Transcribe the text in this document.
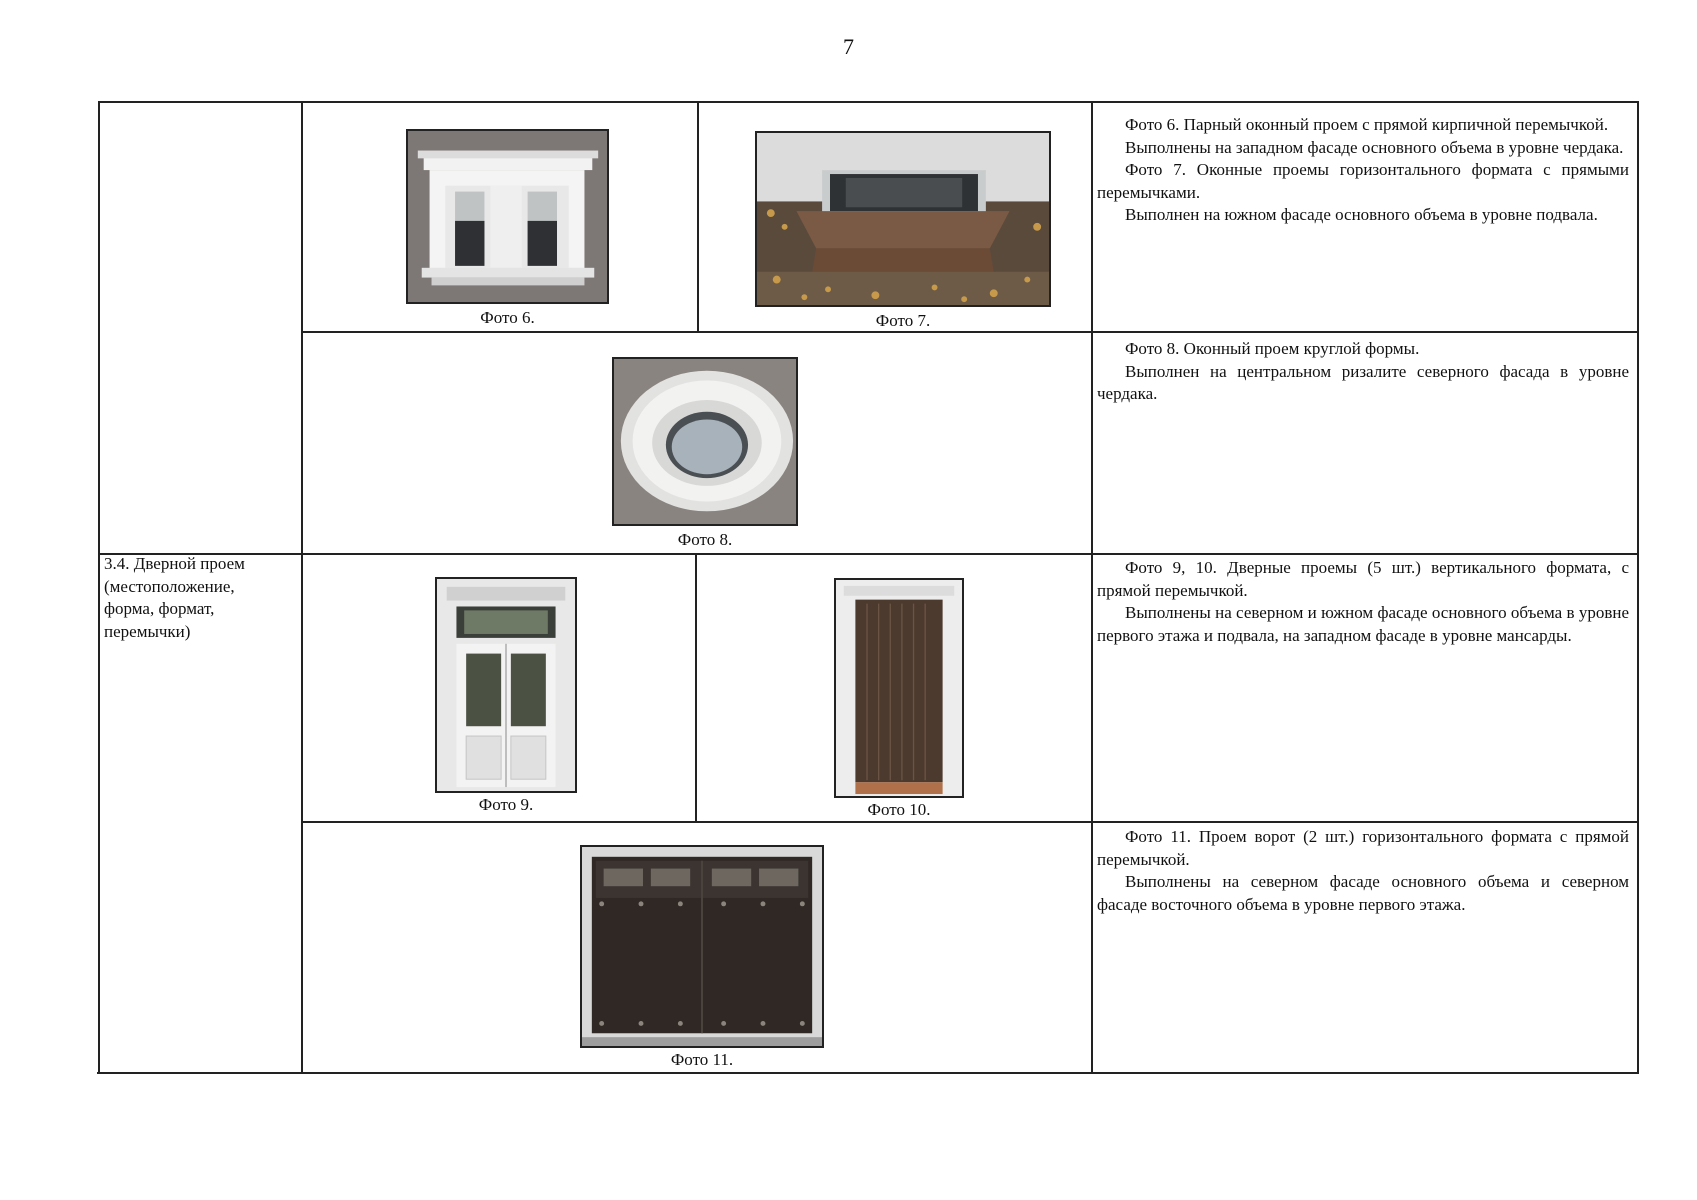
7
3.4. Дверной проем (местоположение, форма, формат, перемычки)
Фото 6.	Фото 7.
Фото 8.
Фото 9.	Фото 10.
Фото 11.

Фото 6. Парный оконный проем с прямой кирпичной перемычкой.

Выполнены на западном фасаде основного объема в уровне чердака.

Фото 7. Оконные проемы горизонтального формата с прямыми перемычками.

Выполнен на южном фасаде основного объема в уровне подвала.

Фото 8. Оконный проем круглой формы.

Выполнен на центральном ризалите северного фасада в уровне чердака.

Фото 9, 10. Дверные проемы (5 шт.) вертикального формата, с прямой перемычкой.

Выполнены на северном и южном фасаде основного объема в уровне первого этажа и подвала, на западном фасаде в уровне мансарды.

Фото 11. Проем ворот (2 шт.) горизонтального формата с прямой перемычкой.

Выполнены на северном фасаде основного объема и северном фасаде восточного объема в уровне первого этажа.
